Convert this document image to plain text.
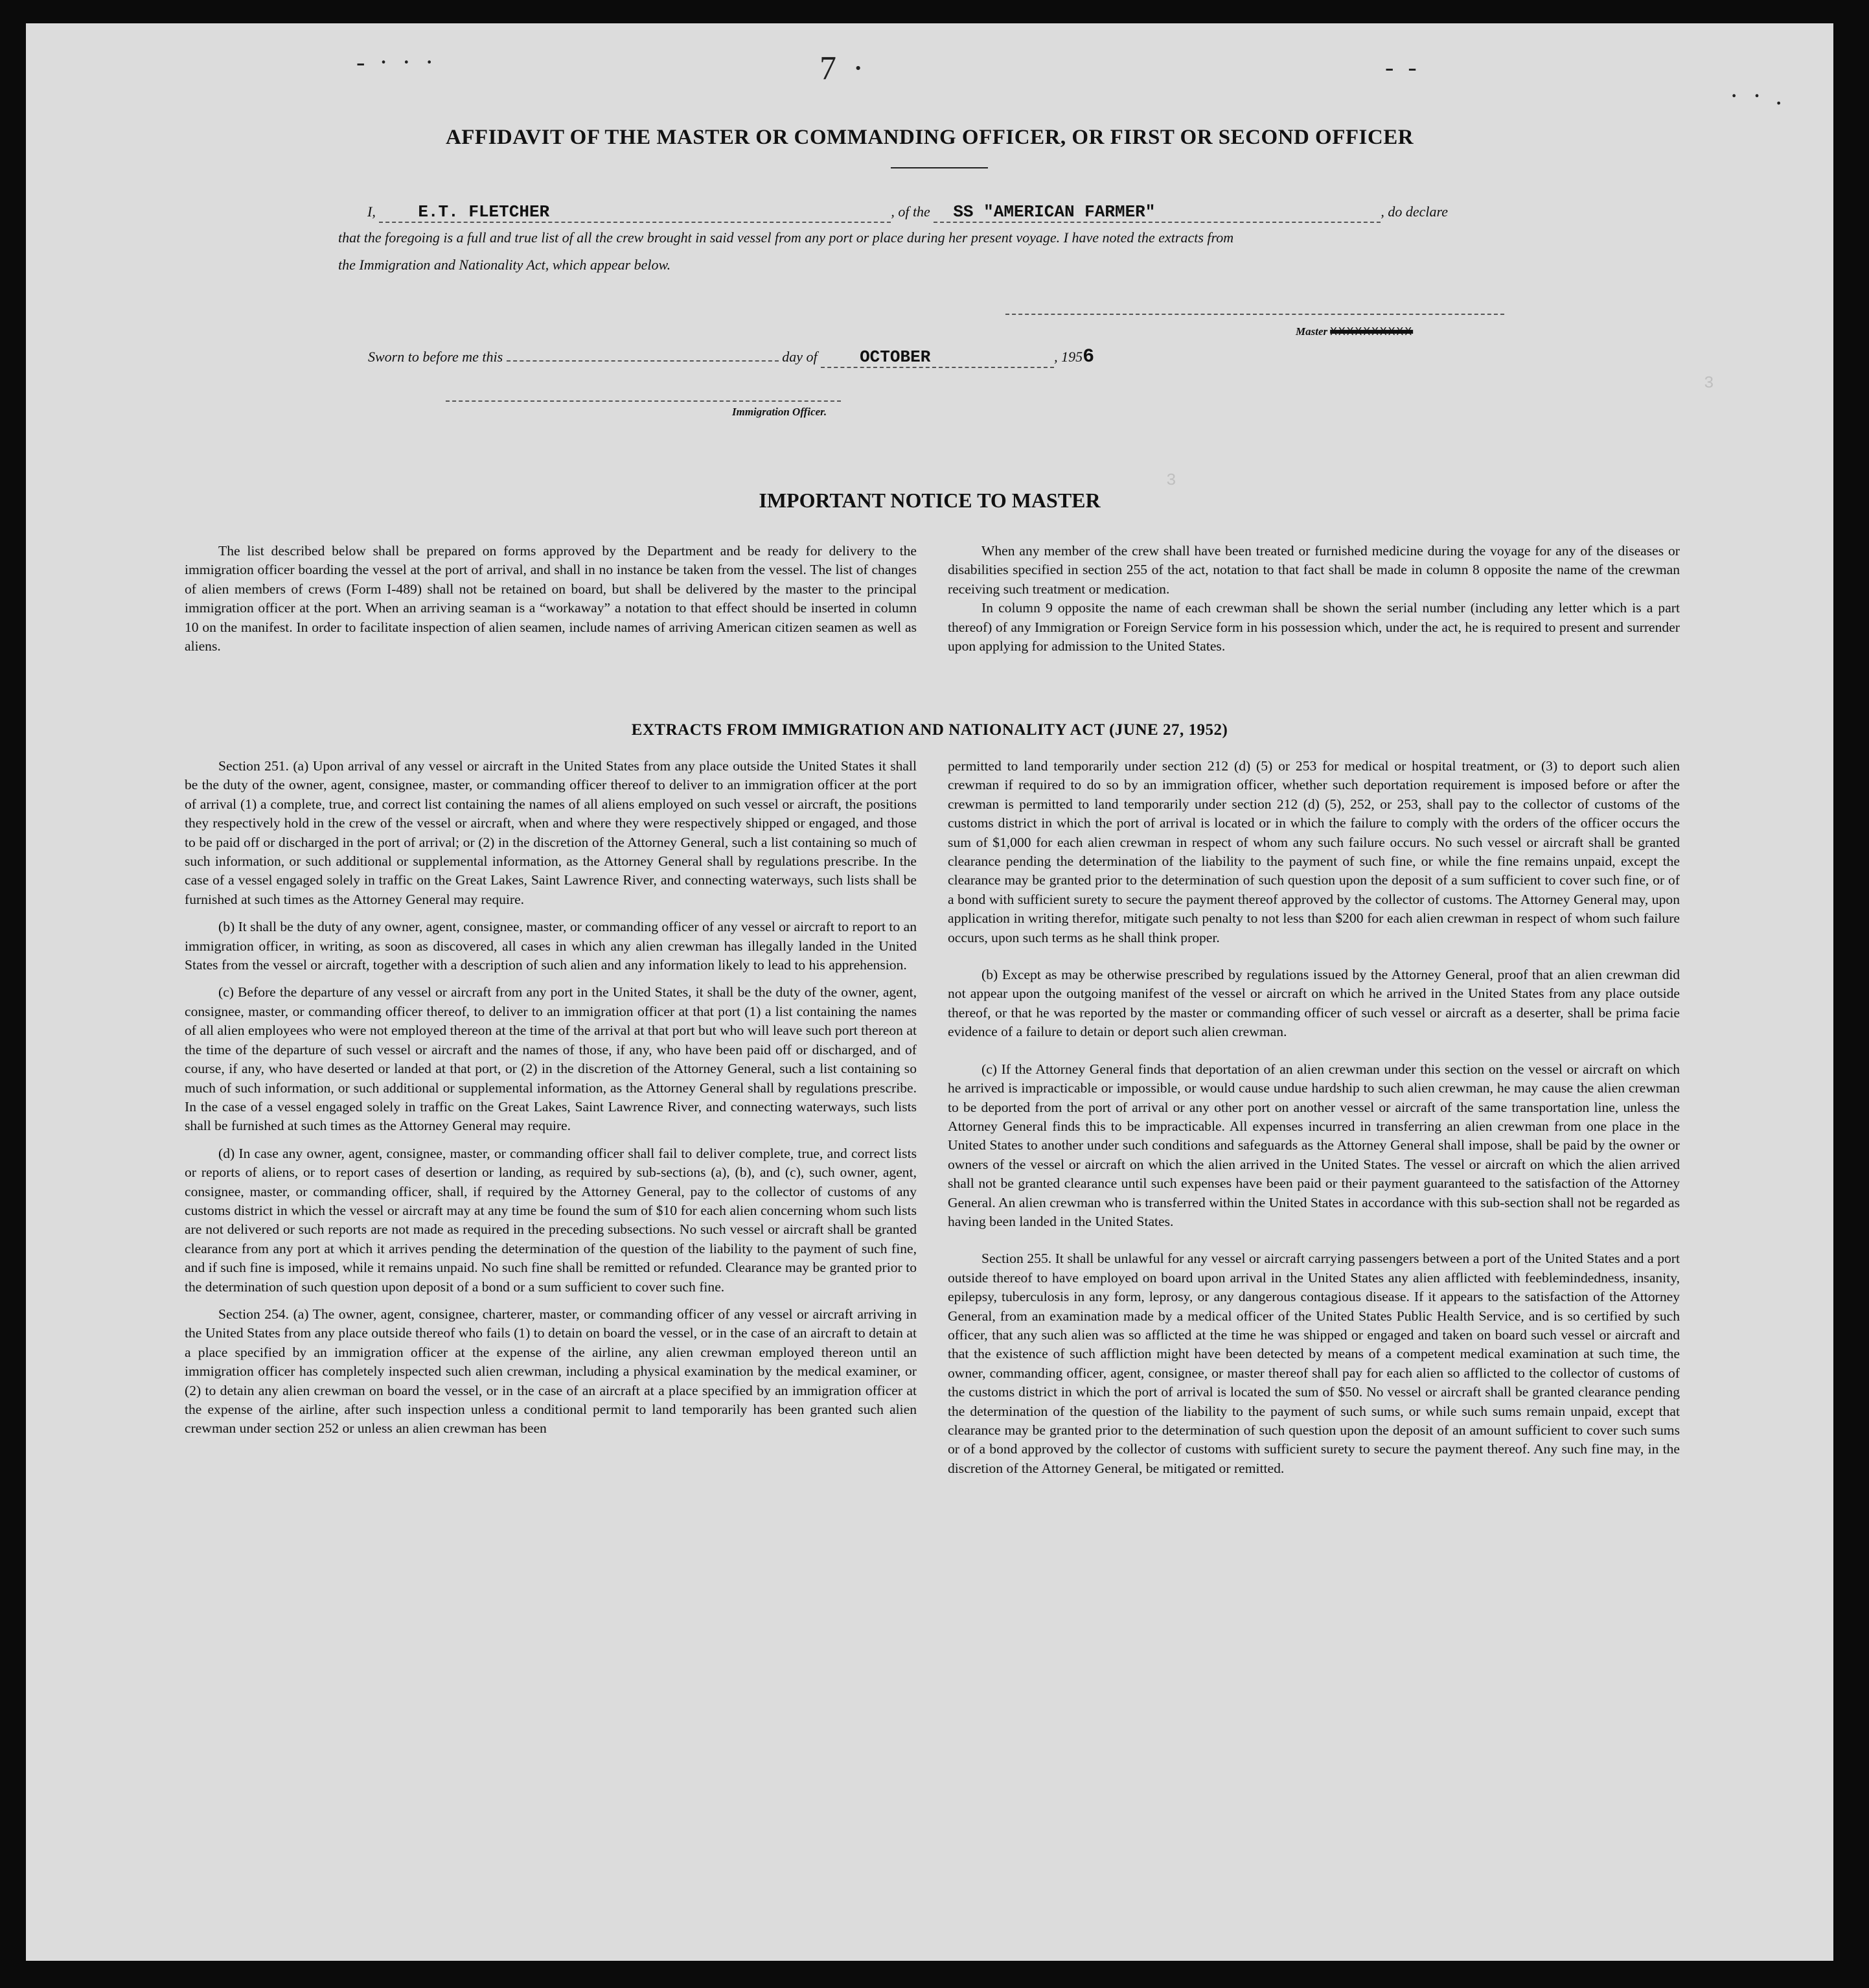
- · · ·	7 ·	- -
· · .
3
3
AFFIDAVIT OF THE MASTER OR COMMANDING OFFICER, OR FIRST OR SECOND OFFICER
I,	E.T. FLETCHER	, of the SS "AMERICAN FARMER"	, do declare
that the foregoing is a full and true list of all the crew brought in said vessel from any port or place during her present voyage. I have noted the extracts from
the Immigration and Nationality Act, which appear below.
Master XXXXXXXXXX
Sworn to before me this	day of	OCTOBER	, 1956
Immigration Officer.
IMPORTANT NOTICE TO MASTER

The list described below shall be prepared on forms approved by the Department and be ready for delivery to the immigration officer boarding the vessel at the port of arrival, and shall in no instance be taken from the vessel. The list of changes of alien members of crews (Form I-489) shall not be retained on board, but shall be delivered by the master to the principal immigration officer at the port. When an arriving seaman is a “workaway” a notation to that effect should be inserted in column 10 on the manifest. In order to facilitate inspection of alien seamen, include names of arriving American citizen seamen as well as aliens.

When any member of the crew shall have been treated or furnished medicine during the voyage for any of the diseases or disabilities specified in section 255 of the act, notation to that fact shall be made in column 8 opposite the name of the crewman receiving such treatment or medication.

In column 9 opposite the name of each crewman shall be shown the serial number (including any letter which is a part thereof) of any Immigration or Foreign Service form in his possession which, under the act, he is required to present and surrender upon applying for admission to the United States.

EXTRACTS FROM IMMIGRATION AND NATIONALITY ACT (JUNE 27, 1952)

Section 251. (a) Upon arrival of any vessel or aircraft in the United States from any place outside the United States it shall be the duty of the owner, agent, consignee, master, or commanding officer thereof to deliver to an immigration officer at the port of arrival (1) a complete, true, and correct list containing the names of all aliens employed on such vessel or aircraft, the positions they respectively hold in the crew of the vessel or aircraft, when and where they were respectively shipped or engaged, and those to be paid off or discharged in the port of arrival; or (2) in the discretion of the Attorney General, such a list containing so much of such information, or such additional or supplemental information, as the Attorney General shall by regulations prescribe. In the case of a vessel engaged solely in traffic on the Great Lakes, Saint Lawrence River, and connecting waterways, such lists shall be furnished at such times as the Attorney General may require.

(b) It shall be the duty of any owner, agent, consignee, master, or commanding officer of any vessel or aircraft to report to an immigration officer, in writing, as soon as discovered, all cases in which any alien crewman has illegally landed in the United States from the vessel or aircraft, together with a description of such alien and any information likely to lead to his apprehension.

(c) Before the departure of any vessel or aircraft from any port in the United States, it shall be the duty of the owner, agent, consignee, master, or commanding officer thereof, to deliver to an immigration officer at that port (1) a list containing the names of all alien employees who were not employed thereon at the time of the arrival at that port but who will leave such port thereon at the time of the departure of such vessel or aircraft and the names of those, if any, who have been paid off or discharged, and of course, if any, who have deserted or landed at that port, or (2) in the discretion of the Attorney General, such a list containing so much of such information, or such additional or supplemental information, as the Attorney General shall by regulations prescribe. In the case of a vessel engaged solely in traffic on the Great Lakes, Saint Lawrence River, and connecting waterways, such lists shall be furnished at such times as the Attorney General may require.

(d) In case any owner, agent, consignee, master, or commanding officer shall fail to deliver complete, true, and correct lists or reports of aliens, or to report cases of desertion or landing, as required by sub-sections (a), (b), and (c), such owner, agent, consignee, master, or commanding officer, shall, if required by the Attorney General, pay to the collector of customs of any customs district in which the vessel or aircraft may at any time be found the sum of $10 for each alien concerning whom such lists are not delivered or such reports are not made as required in the preceding subsections. No such vessel or aircraft shall be granted clearance from any port at which it arrives pending the determination of the question of the liability to the payment of such fine, and if such fine is imposed, while it remains unpaid. No such fine shall be remitted or refunded. Clearance may be granted prior to the determination of such question upon deposit of a bond or a sum sufficient to cover such fine.

Section 254. (a) The owner, agent, consignee, charterer, master, or commanding officer of any vessel or aircraft arriving in the United States from any place outside thereof who fails (1) to detain on board the vessel, or in the case of an aircraft to detain at a place specified by an immigration officer at the expense of the airline, any alien crewman employed thereon until an immigration officer has completely inspected such alien crewman, including a physical examination by the medical examiner, or (2) to detain any alien crewman on board the vessel, or in the case of an aircraft at a place specified by an immigration officer at the expense of the airline, after such inspection unless a conditional permit to land temporarily has been granted such alien crewman under section 252 or unless an alien crewman has been

permitted to land temporarily under section 212 (d) (5) or 253 for medical or hospital treatment, or (3) to deport such alien crewman if required to do so by an immigration officer, whether such deportation requirement is imposed before or after the crewman is permitted to land temporarily under section 212 (d) (5), 252, or 253, shall pay to the collector of customs of the customs district in which the port of arrival is located or in which the failure to comply with the orders of the officer occurs the sum of $1,000 for each alien crewman in respect of whom any such failure occurs. No such vessel or aircraft shall be granted clearance pending the determination of the liability to the payment of such fine, or while the fine remains unpaid, except the clearance may be granted prior to the determination of such question upon the deposit of a sum sufficient to cover such fine, or of a bond with sufficient surety to secure the payment thereof approved by the collector of customs. The Attorney General may, upon application in writing therefor, mitigate such penalty to not less than $200 for each alien crewman in respect of whom such failure occurs, upon such terms as he shall think proper.

(b) Except as may be otherwise prescribed by regulations issued by the Attorney General, proof that an alien crewman did not appear upon the outgoing manifest of the vessel or aircraft on which he arrived in the United States from any place outside thereof, or that he was reported by the master or commanding officer of such vessel or aircraft as a deserter, shall be prima facie evidence of a failure to detain or deport such alien crewman.

(c) If the Attorney General finds that deportation of an alien crewman under this section on the vessel or aircraft on which he arrived is impracticable or impossible, or would cause undue hardship to such alien crewman, he may cause the alien crewman to be deported from the port of arrival or any other port on another vessel or aircraft of the same transportation line, unless the Attorney General finds this to be impracticable. All expenses incurred in transferring an alien crewman from one place in the United States to another under such conditions and safeguards as the Attorney General shall impose, shall be paid by the owner or owners of the vessel or aircraft on which the alien arrived in the United States. The vessel or aircraft on which the alien arrived shall not be granted clearance until such expenses have been paid or their payment guaranteed to the satisfaction of the Attorney General. An alien crewman who is transferred within the United States in accordance with this sub-section shall not be regarded as having been landed in the United States.

Section 255. It shall be unlawful for any vessel or aircraft carrying passengers between a port of the United States and a port outside thereof to have employed on board upon arrival in the United States any alien afflicted with feeblemindedness, insanity, epilepsy, tuberculosis in any form, leprosy, or any dangerous contagious disease. If it appears to the satisfaction of the Attorney General, from an examination made by a medical officer of the United States Public Health Service, and is so certified by such officer, that any such alien was so afflicted at the time he was shipped or engaged and taken on board such vessel or aircraft and that the existence of such affliction might have been detected by means of a competent medical examination at such time, the owner, commanding officer, agent, consignee, or master thereof shall pay for each alien so afflicted to the collector of customs of the customs district in which the port of arrival is located the sum of $50. No vessel or aircraft shall be granted clearance pending the determination of the question of the liability to the payment of such sums, or while such sums remain unpaid, except that clearance may be granted prior to the determination of such question upon the deposit of an amount sufficient to cover such sums or of a bond approved by the collector of customs with sufficient surety to secure the payment thereof. Any such fine may, in the discretion of the Attorney General, be mitigated or remitted.
